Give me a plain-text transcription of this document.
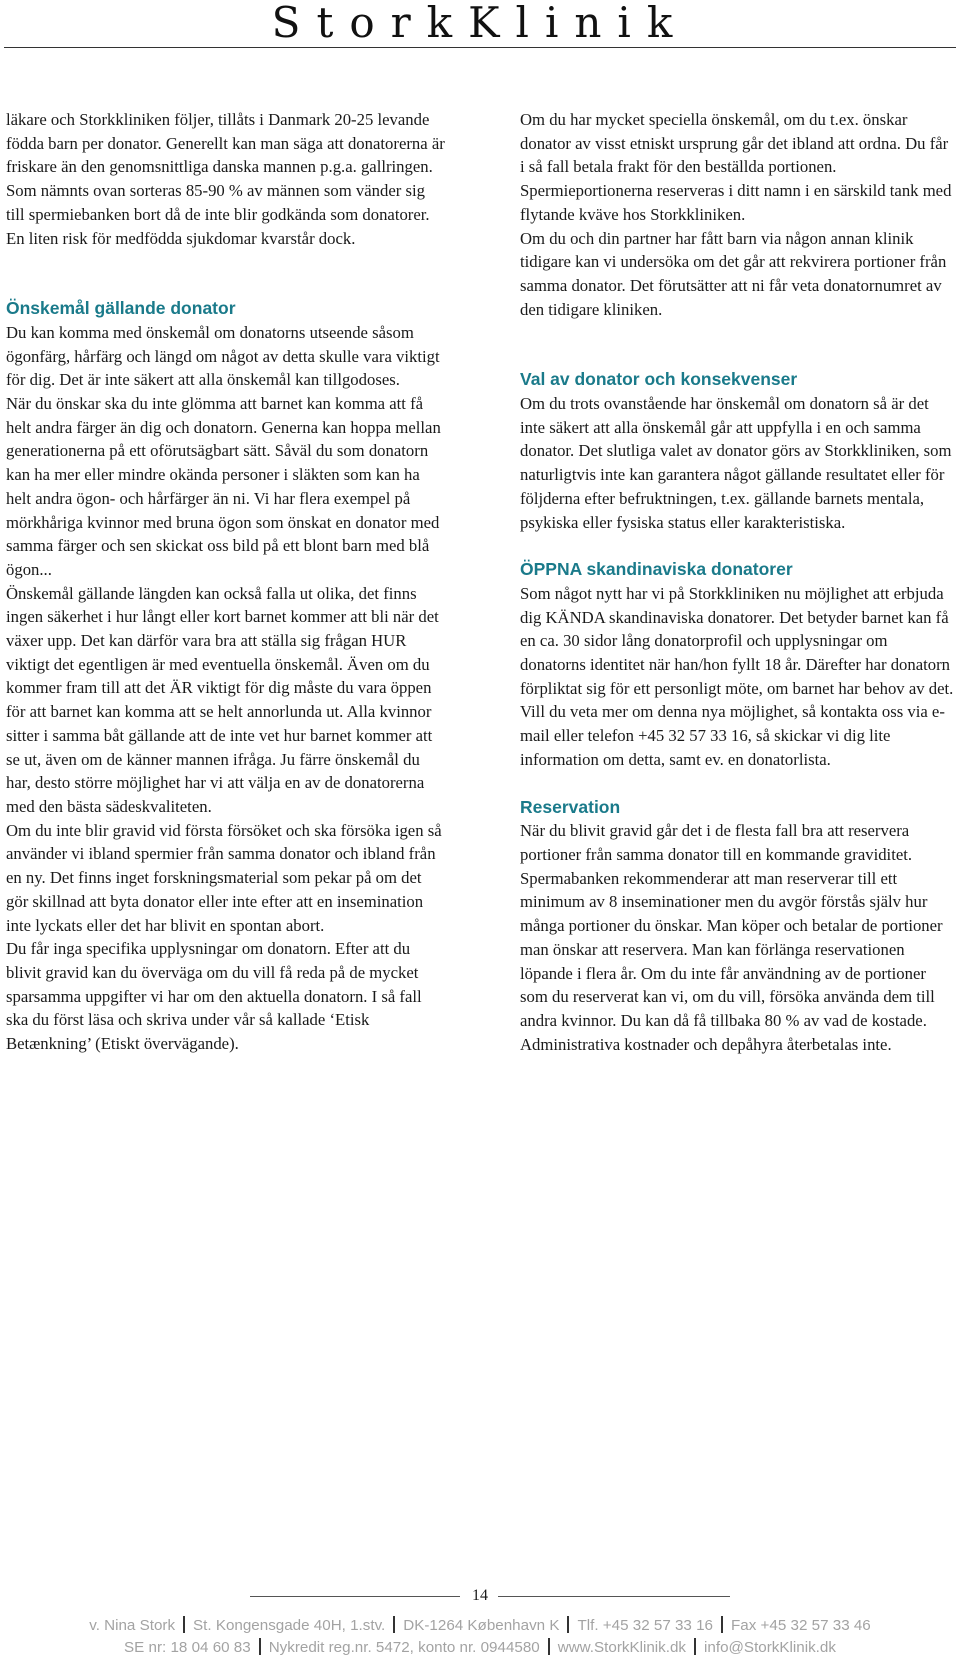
StorkKlinik

läkare och Storkkliniken följer, tillåts i Danmark 20-25 levande födda barn per donator. Generellt kan man säga att donatorerna är friskare än den genomsnittliga danska mannen p.g.a. gallringen. Som nämnts ovan sorteras 85-90 % av männen som vänder sig till spermiebanken bort då de inte blir godkända som donatorer. En liten risk för medfödda sjukdomar kvarstår dock.

Önskemål gällande donator

Du kan komma med önskemål om donatorns utseende såsom ögonfärg, hårfärg och längd om något av detta skulle vara viktigt för dig. Det är inte säkert att alla önskemål kan tillgodoses.

När du önskar ska du inte glömma att barnet kan komma att få helt andra färger än dig och donatorn. Generna kan hoppa mellan generationerna på ett oförutsägbart sätt. Såväl du som donatorn kan ha mer eller mindre okända personer i släkten som kan ha helt andra ögon- och hårfärger än ni. Vi har flera exempel på mörkhåriga kvinnor med bruna ögon som önskat en donator med samma färger och sen skickat oss bild på ett blont barn med blå ögon...

Önskemål gällande längden kan också falla ut olika, det finns ingen säkerhet i hur långt eller kort barnet kommer att bli när det växer upp. Det kan därför vara bra att ställa sig frågan HUR viktigt det egentligen är med eventuella önskemål. Även om du kommer fram till att det ÄR viktigt för dig måste du vara öppen för att barnet kan komma att se helt annorlunda ut. Alla kvinnor sitter i samma båt gällande att de inte vet hur barnet kommer att se ut, även om de känner mannen ifråga. Ju färre önskemål du har, desto större möjlighet har vi att välja en av de donatorerna med den bästa sädeskvaliteten.

Om du inte blir gravid vid första försöket och ska försöka igen så använder vi ibland spermier från samma donator och ibland från en ny. Det finns inget forskningsmaterial som pekar på om det gör skillnad att byta donator eller inte efter att en insemination inte lyckats eller det har blivit en spontan abort.

Du får inga specifika upplysningar om donatorn. Efter att du blivit gravid kan du överväga om du vill få reda på de mycket sparsamma uppgifter vi har om den aktuella donatorn. I så fall ska du först läsa och skriva under vår så kallade ‘Etisk Betænkning’ (Etiskt övervägande).

Om du har mycket speciella önskemål, om du t.ex. önskar donator av visst etniskt ursprung går det ibland att ordna. Du får i så fall betala frakt för den beställda portionen. Spermieportionerna reserveras i ditt namn i en särskild tank med flytande kväve hos Storkkliniken.

Om du och din partner har fått barn via någon annan klinik tidigare kan vi undersöka om det går att rekvirera portioner från samma donator. Det förutsätter att ni får veta donatornumret av den tidigare kliniken.

Val av donator och konsekvenser

Om du trots ovanstående har önskemål om donatorn så är det inte säkert att alla önskemål går att uppfylla i en och samma donator. Det slutliga valet av donator görs av Storkkliniken, som naturligtvis inte kan garantera något gällande resultatet eller för följderna efter befruktningen, t.ex. gällande barnets mentala, psykiska eller fysiska status eller karakteristiska.

ÖPPNA skandinaviska donatorer

Som något nytt har vi på Storkkliniken nu möjlighet att erbjuda dig KÄNDA skandinaviska donatorer. Det betyder barnet kan få en ca. 30 sidor lång donatorprofil och upplysningar om donatorns identitet när han/hon fyllt 18 år. Därefter har donatorn förpliktat sig för ett personligt möte, om barnet har behov av det. Vill du veta mer om denna nya möjlighet, så kontakta oss via e-mail eller telefon +45 32 57 33 16, så skickar vi dig lite information om detta, samt ev. en donatorlista.

Reservation

När du blivit gravid går det i de flesta fall bra att reservera portioner från samma donator till en kommande graviditet. Spermabanken rekommenderar att man reserverar till ett minimum av 8 inseminationer men du avgör förstås själv hur många portioner du önskar. Man köper och betalar de portioner man önskar att reservera. Man kan förlänga reservationen löpande i flera år. Om du inte får användning av de portioner som du reserverat kan vi, om du vill, försöka använda dem till andra kvinnor. Du kan då få tillbaka 80 % av vad de kostade. Administrativa kostnader och depåhyra återbetalas inte.

14
v. Nina Stork St. Kongensgade 40H, 1.stv. DK-1264 København K Tlf. +45 32 57 33 16 Fax +45 32 57 33 46
SE nr: 18 04 60 83 Nykredit reg.nr. 5472, konto nr. 0944580 www.StorkKlinik.dk info@StorkKlinik.dk
